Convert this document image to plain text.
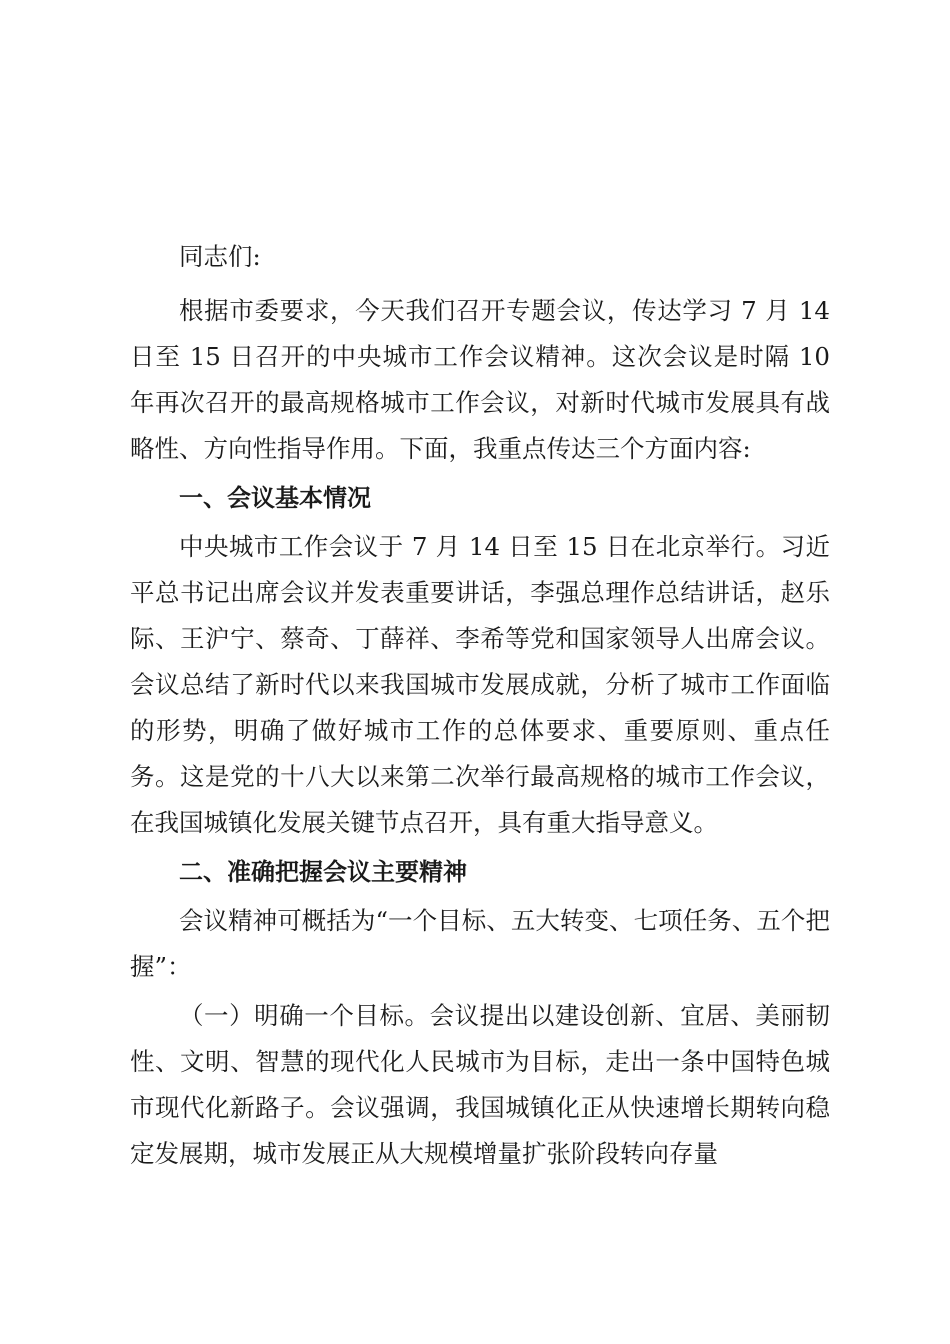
同志们:

根据市委要求，今天我们召开专题会议，传达学习 7 月 14 日至 15 日召开的中央城市工作会议精神。这次会议是时隔 10 年再次召开的最高规格城市工作会议，对新时代城市发展具有战略性、方向性指导作用。下面，我重点传达三个方面内容:

一、会议基本情况

中央城市工作会议于 7 月 14 日至 15 日在北京举行。习近平总书记出席会议并发表重要讲话，李强总理作总结讲话，赵乐际、王沪宁、蔡奇、丁薛祥、李希等党和国家领导人出席会议。会议总结了新时代以来我国城市发展成就，分析了城市工作面临的形势，明确了做好城市工作的总体要求、重要原则、重点任务。这是党的十八大以来第二次举行最高规格的城市工作会议，在我国城镇化发展关键节点召开，具有重大指导意义。

二、准确把握会议主要精神

会议精神可概括为“一个目标、五大转变、七项任务、五个把握”：

（一）明确一个目标。会议提出以建设创新、宜居、美丽韧性、文明、智慧的现代化人民城市为目标，走出一条中国特色城市现代化新路子。会议强调，我国城镇化正从快速增长期转向稳定发展期，城市发展正从大规模增量扩张阶段转向存量
